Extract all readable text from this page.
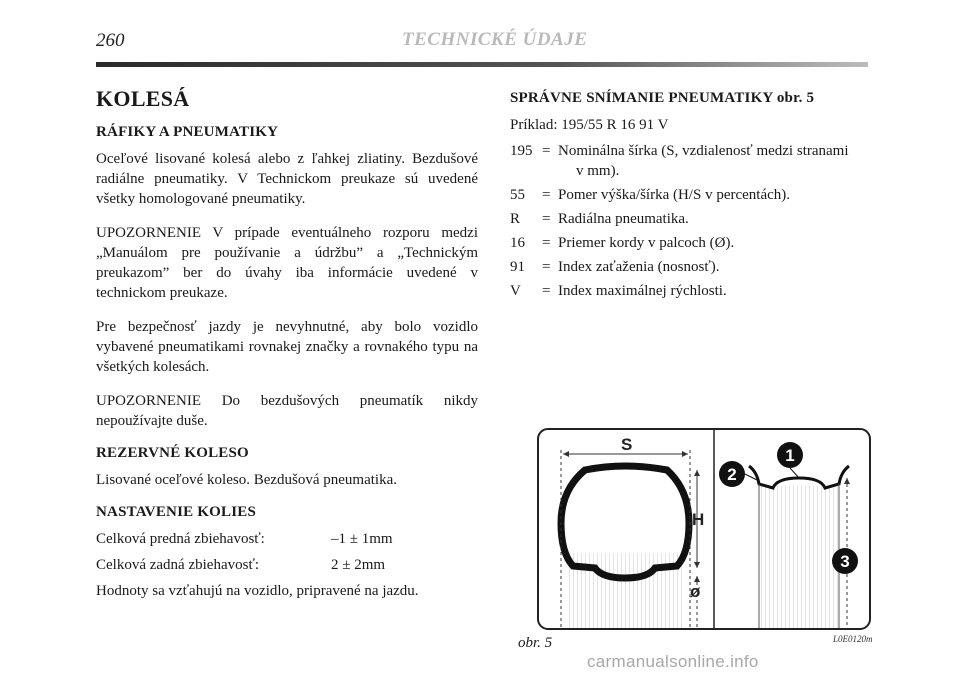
260	TECHNICKÉ ÚDAJE
KOLESÁ
RÁFIKY A PNEUMATIKY

Oceľové lisované kolesá alebo z ľahkej zliatiny. Bezdušové radiálne pneumatiky. V Technickom preukaze sú uvedené všetky homologované pneumatiky.

UPOZORNENIE V prípade eventuálneho rozporu medzi „Manuálom pre používanie a údržbu” a „Technickým preukazom” ber do úvahy iba informácie uvedené v technickom preukaze.

Pre bezpečnosť jazdy je nevyhnutné, aby bolo vozidlo vybavené pneumatikami rovnakej značky a rovnakého typu na všetkých kolesách.

UPOZORNENIE Do bezdušových pneumatík nikdy nepoužívajte duše.

REZERVNÉ KOLESO

Lisované oceľové koleso. Bezdušová pneumatika.

NASTAVENIE KOLIES
Celková predná zbiehavosť:	–1 ± 1mm
Celková zadná zbiehavosť:	2 ± 2mm

Hodnoty sa vzťahujú na vozidlo, pripravené na jazdu.

SPRÁVNE SNÍMANIE PNEUMATIKY obr. 5

Príklad: 195/55 R 16 91 V

195 = Nominálna šírka (S, vzdialenosť medzi stranami
v mm).
55	= Pomer výška/šírka (H/S v percentách).
R	= Radiálna pneumatika.
16	= Priemer kordy v palcoch (Ø).
91	= Index zaťaženia (nosnosť).
V	= Index maximálnej rýchlosti.
S
H
ø
1
2
3
obr. 5	L0E0120m
carmanualsonline.info
